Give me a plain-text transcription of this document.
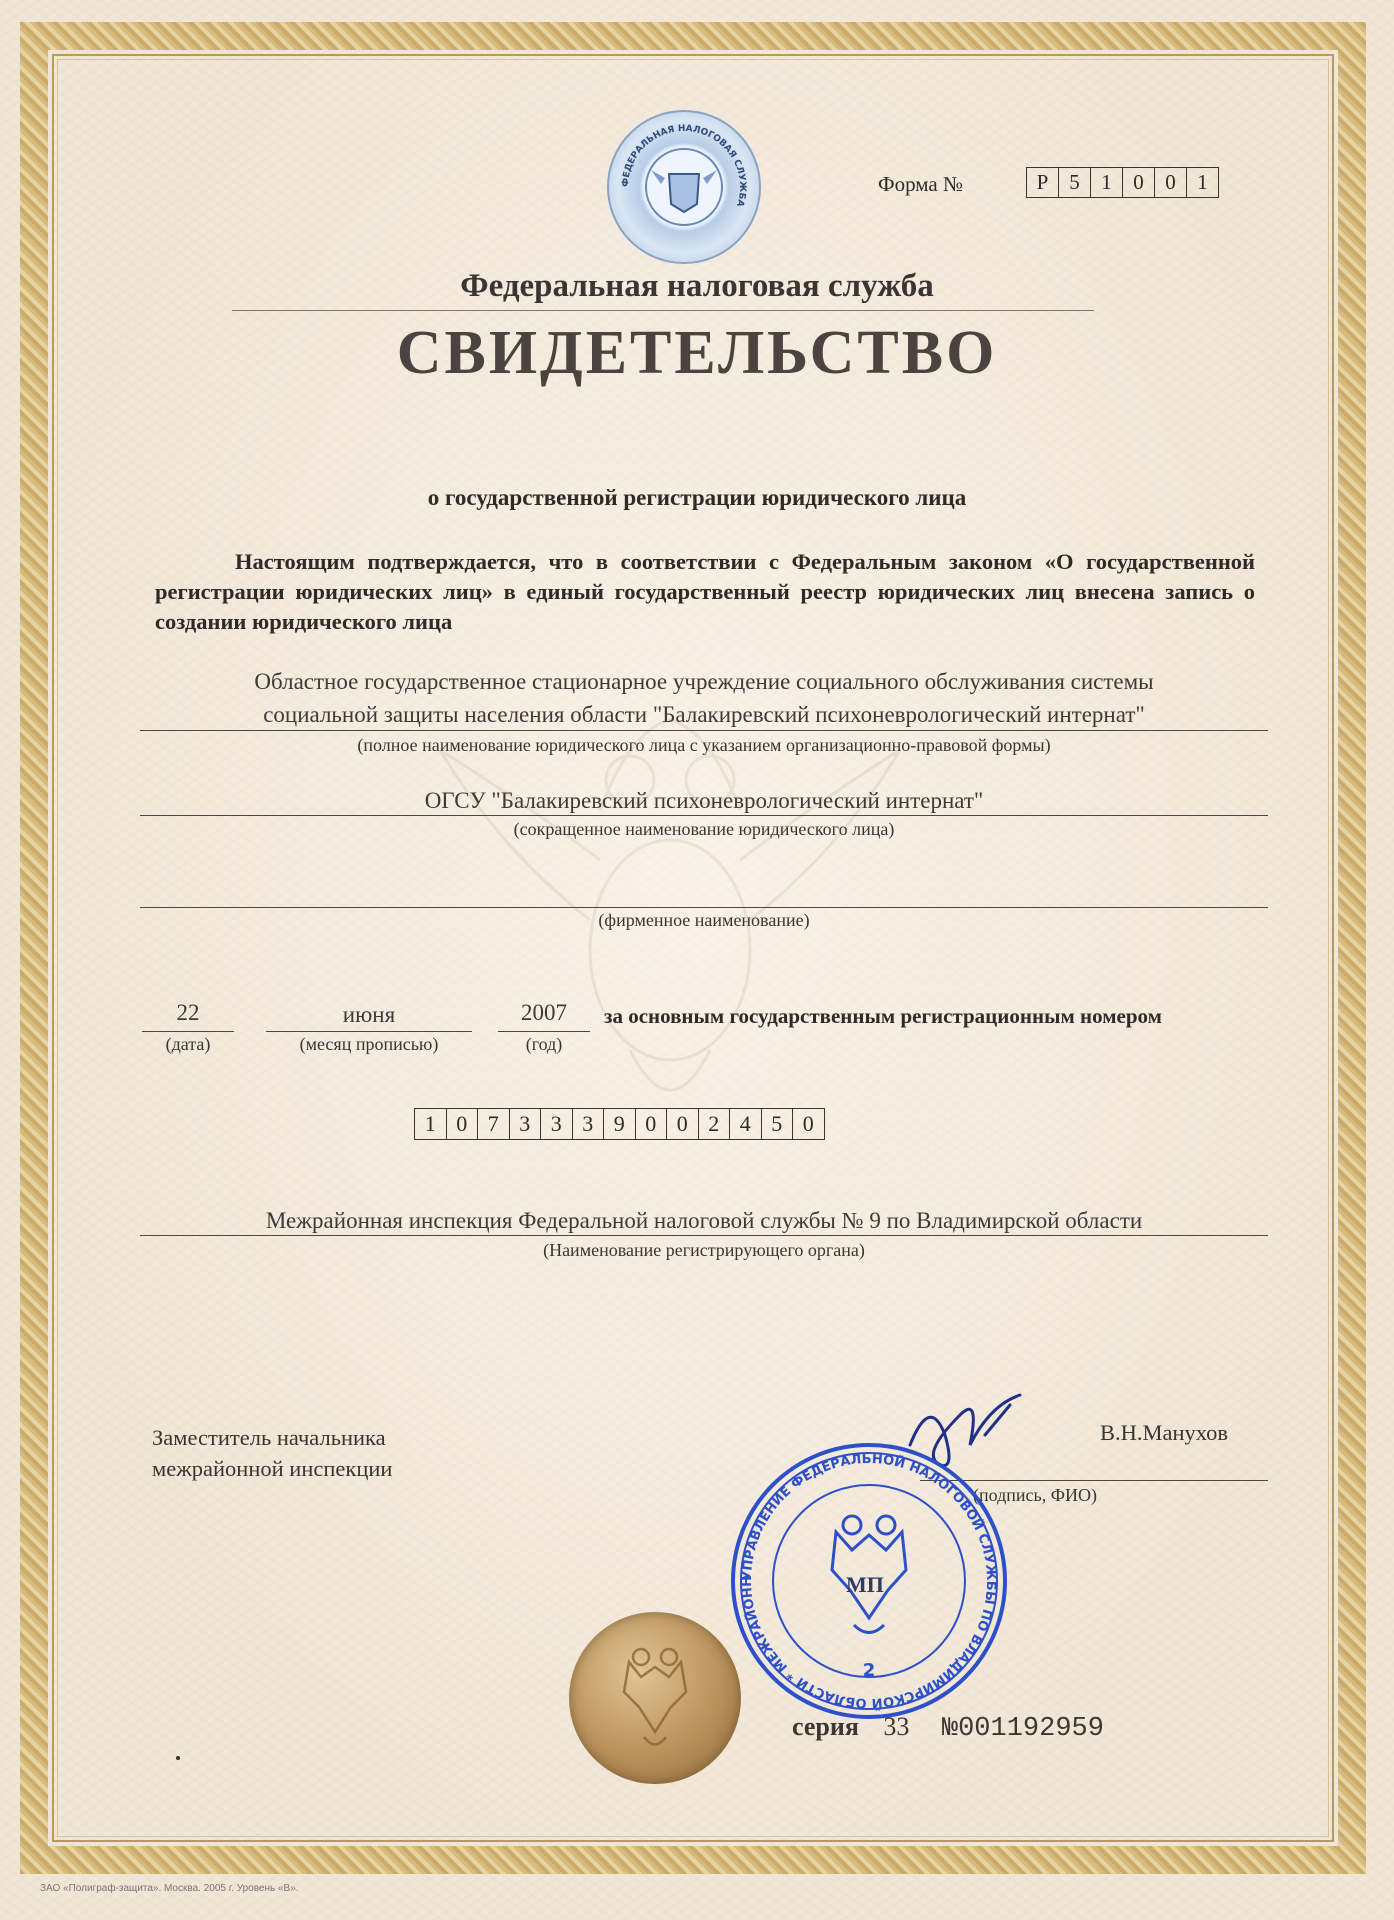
ФЕДЕРАЛЬНАЯ НАЛОГОВАЯ СЛУЖБА
Форма №	Р 5	1	0	0	1
Федеральная налоговая служба
СВИДЕТЕЛЬСТВО
о государственной регистрации юридического лица
Настоящим подтверждается, что в соответствии с Федеральным законом «О государственной регистрации юридических лиц» в единый государственный реестр юридических лиц внесена запись о создании юридического лица
Областное государственное стационарное учреждение социального обслуживания системы
социальной защиты населения области "Балакиревский психоневрологический интернат"
(полное наименование юридического лица с указанием организационно-правовой формы)
ОГСУ "Балакиревский психоневрологический интернат"
(сокращенное наименование юридического лица)
(фирменное наименование)
22
(дата)
июня
(месяц прописью)
2007
(год)
за основным государственным регистрационным номером
1 0 7 3 3 3 9 0 0 2 4 5 0
Межрайонная инспекция Федеральной налоговой службы № 9 по Владимирской области
(Наименование регистрирующего органа)
Заместитель начальника
межрайонной инспекции
В.Н.Манухов
(подпись, ФИО)
УПРАВЛЕНИЕ ФЕДЕРАЛЬНОЙ НАЛОГОВОЙ СЛУЖБЫ ПО ВЛАДИМИРСКОЙ ОБЛАСТИ * МЕЖРАЙОНН
2
МП
серия 33 №001192959
ЗАО «Полиграф-защита». Москва. 2005 г. Уровень «В».
